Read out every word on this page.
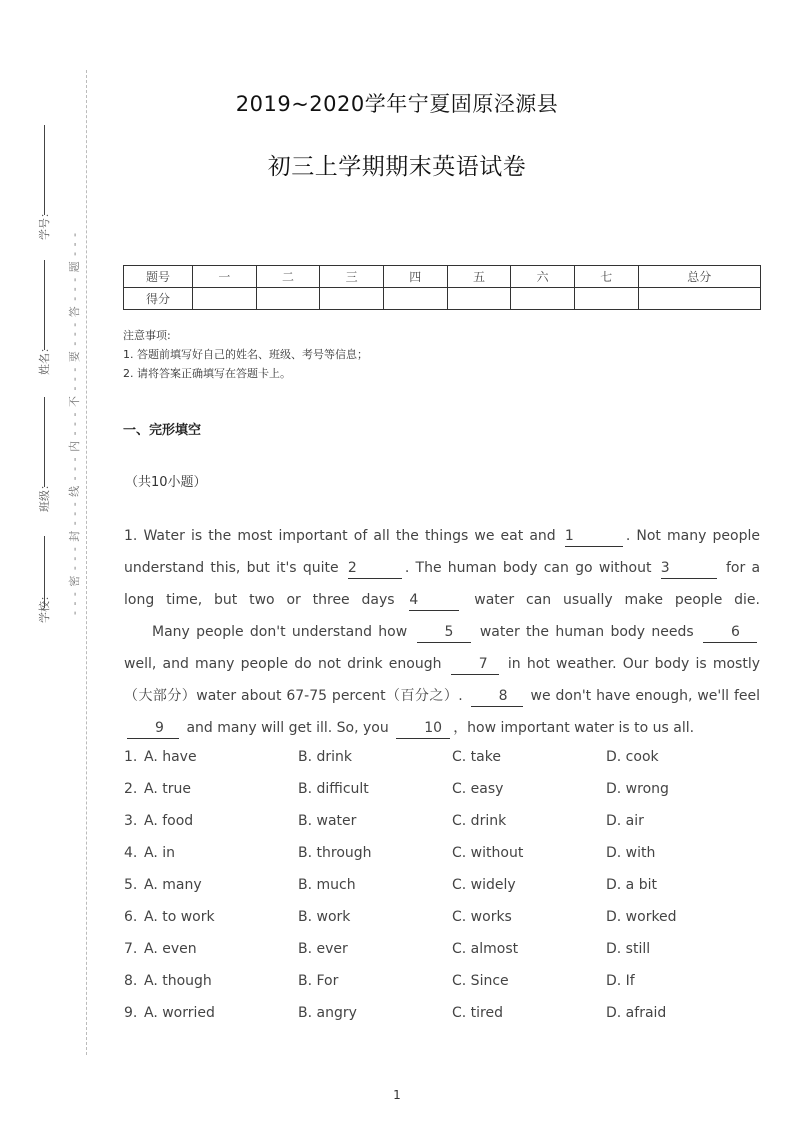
- - - 密 - - - 封 - - - 线 - - - 内 - - - 不 - - - 要 - - - 答 - - - 题 - - -
学校：
班级：
姓名：
学号：
2019~2020学年宁夏固原泾源县
初三上学期期末英语试卷
题号	一	二	三	四	五	六	七	总分
得分								
注意事项:
1. 答题前填写好自己的姓名、班级、考号等信息；
2. 请将答案正确填写在答题卡上。
一、完形填空
（共10小题）

1. Water is the most important of all the things we eat and 1	. Not many people understand this, but it's quite 2	. The human body can go without 3	for a long time, but two or three days 4	water can usually make people die.

Many people don't understand how	5 water the human body needs	6 well, and many people do not drink enough	7 in hot weather. Our body is mostly（大部分）water about 67-75 percent（百分之）.	8 we don't have enough, we'll feel 9 and many will get ill. So, you	10 ，how important water is to us all.

1. A. have	B. drink	C. take	D. cook
2. A. true	B. difficult	C. easy	D. wrong
3. A. food	B. water	C. drink	D. air
4. A. in	B. through	C. without	D. with
5. A. many	B. much	C. widely	D. a bit
6. A. to work	B. work	C. works	D. worked
7. A. even	B. ever	C. almost	D. still
8. A. though	B. For	C. Since	D. If
9. A. worried	B. angry	C. tired	D. afraid
1
